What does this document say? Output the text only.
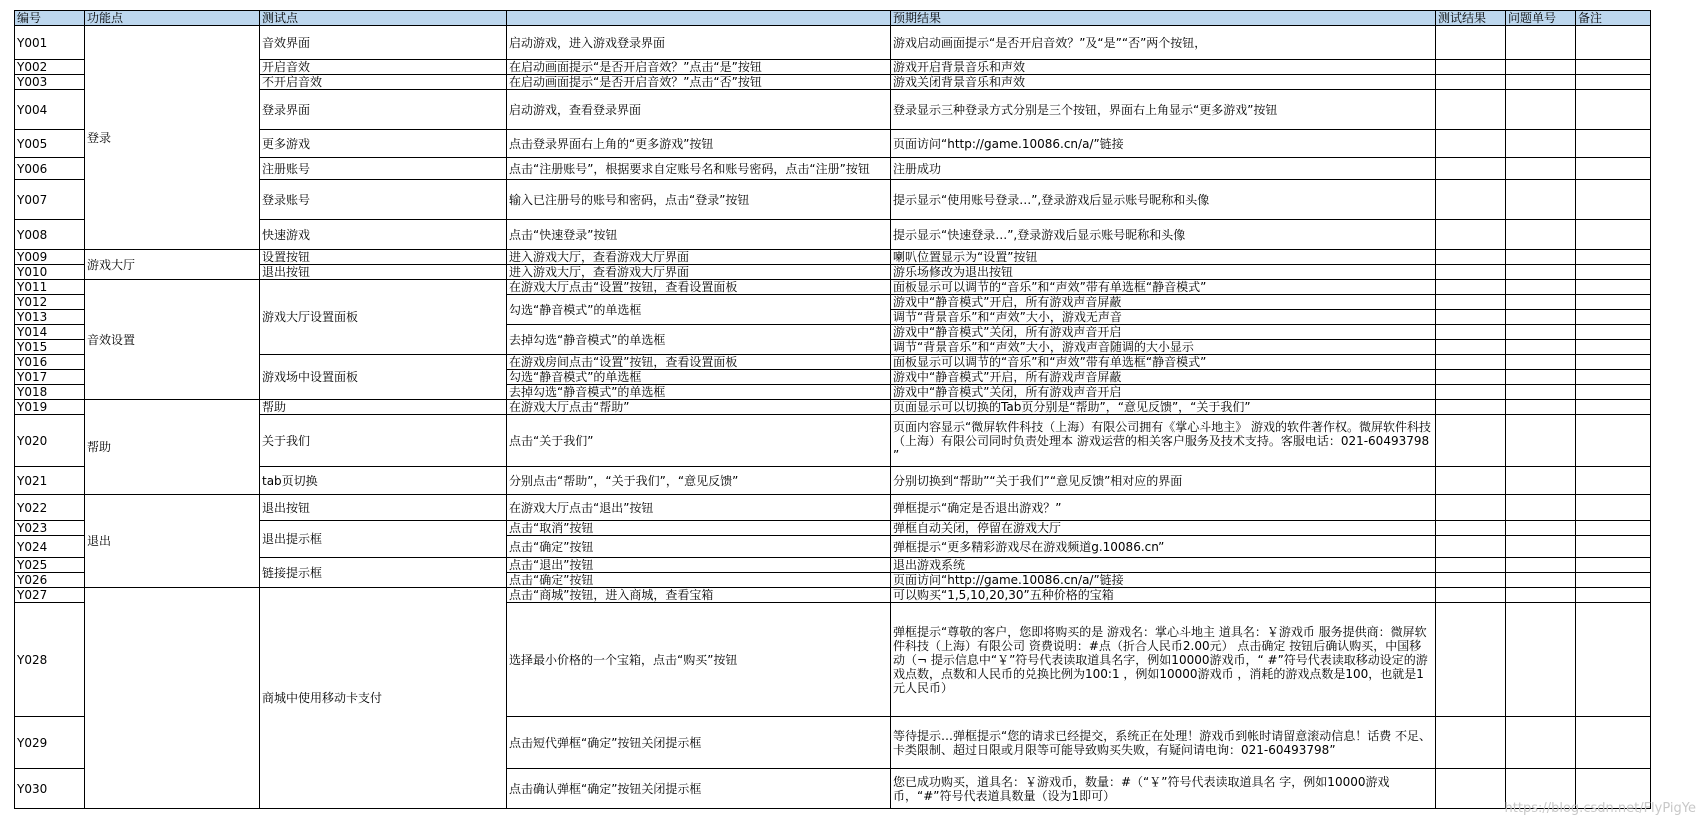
编号	功能点	测试点		预期结果	测试结果	问题单号	备注
Y001	登录	音效界面	启动游戏，进入游戏登录界面	游戏启动画面提示“是否开启音效？”及“是”“否”两个按钮，			
Y002		开启音效	在启动画面提示“是否开启音效？”点击“是”按钮	游戏开启背景音乐和声效			
Y003		不开启音效	在启动画面提示“是否开启音效？”点击“否”按钮	游戏关闭背景音乐和声效			
Y004		登录界面	启动游戏，查看登录界面	登录显示三种登录方式分别是三个按钮，界面右上角显示“更多游戏”按钮			
Y005		更多游戏	点击登录界面右上角的“更多游戏”按钮	页面访问“http://game.10086.cn/a/”链接			
Y006		注册账号	点击“注册账号”，根据要求自定账号名和账号密码，点击“注册”按钮	注册成功			
Y007		登录账号	输入已注册号的账号和密码，点击“登录”按钮	提示显示“使用账号登录…”,登录游戏后显示账号昵称和头像			
Y008		快速游戏	点击“快速登录”按钮	提示显示“快速登录…”,登录游戏后显示账号昵称和头像			
Y009	游戏大厅	设置按钮	进入游戏大厅，查看游戏大厅界面	喇叭位置显示为“设置”按钮			
Y010		退出按钮	进入游戏大厅，查看游戏大厅界面	游乐场修改为退出按钮			
Y011	音效设置	游戏大厅设置面板	在游戏大厅点击“设置”按钮，查看设置面板	面板显示可以调节的“音乐”和“声效”带有单选框“静音模式”			
Y012			勾选“静音模式”的单选框	游戏中“静音模式”开启，所有游戏声音屏蔽			
Y013				调节“背景音乐”和“声效”大小，游戏无声音			
Y014			去掉勾选“静音模式”的单选框	游戏中“静音模式”关闭，所有游戏声音开启			
Y015				调节“背景音乐”和“声效”大小，游戏声音随调的大小显示			
Y016		游戏场中设置面板	在游戏房间点击“设置”按钮，查看设置面板	面板显示可以调节的“音乐”和“声效”带有单选框“静音模式”			
Y017			勾选“静音模式”的单选框	游戏中“静音模式”开启，所有游戏声音屏蔽			
Y018			去掉勾选“静音模式”的单选框	游戏中“静音模式”关闭，所有游戏声音开启			
Y019	帮助	帮助	在游戏大厅点击“帮助”	页面显示可以切换的Tab页分别是“帮助”，“意见反馈”，“关于我们”			
Y020		关于我们	点击“关于我们”	页面内容显示“微屏软件科技（上海）有限公司拥有《掌心斗地主》 游戏的软件著作权。微屏软件科技（上海）有限公司同时负责处理本 游戏运营的相关客户服务及技术支持。客服电话：021-60493798 ”			
Y021		tab页切换	分别点击“帮助”，“关于我们”，“意见反馈”	分别切换到“帮助”“关于我们”“意见反馈”相对应的界面			
Y022	退出	退出按钮	在游戏大厅点击“退出”按钮	弹框提示“确定是否退出游戏？”			
Y023		退出提示框	点击“取消”按钮	弹框自动关闭，停留在游戏大厅			
Y024			点击“确定”按钮	弹框提示“更多精彩游戏尽在游戏频道g.10086.cn”			
Y025		链接提示框	点击“退出”按钮	退出游戏系统			
Y026			点击“确定”按钮	页面访问“http://game.10086.cn/a/”链接			
Y027		商城中使用移动卡支付	点击“商城”按钮，进入商城，查看宝箱	可以购买“1,5,10,20,30”五种价格的宝箱			
Y028			选择最小价格的一个宝箱，点击“购买”按钮	弹框提示“尊敬的客户，您即将购买的是 游戏名：掌心斗地主 道具名：￥游戏币 服务提供商：微屏软件科技（上海）有限公司 资费说明：#点（折合人民币2.00元） 点击确定 按钮后确认购买，中国移动（¬ 提示信息中“￥”符号代表读取道具名字，例如10000游戏币，“ #”符号代表读取移动设定的游戏点数，点数和人民币的兑换比例为100:1 ，例如10000游戏币 ，消耗的游戏点数是100，也就是1元人民币）			
Y029			点击短代弹框“确定”按钮关闭提示框	等待提示…弹框提示“您的请求已经提交，系统正在处理！游戏币到帐时请留意滚动信息！话费 不足、卡类限制、超过日限或月限等可能导致购买失败，有疑问请电询：021-60493798”			
Y030			点击确认弹框“确定”按钮关闭提示框	您已成功购买，道具名：￥游戏币，数量：#（“￥”符号代表读取道具名 字，例如10000游戏币，“#”符号代表道具数量（设为1即可）			
https://blog.csdn.net/FlyPigYe
